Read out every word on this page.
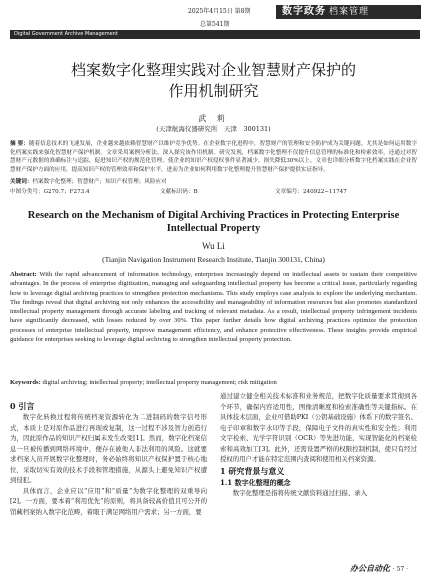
2025年4月15日 第8期	数字政务 档案管理
总第541期
Digital Government Archive Management
档案数字化整理实践对企业智慧财产保护的
作用机制研究
武 莉
(天津航海仪器研究所　天津　300131)
摘 要：随着信息技术的飞速发展，企业越来越依赖智慧财产以维护竞争优势。在企业数字化进程中，智慧财产的管理和安全防护成为关键问题。尤其是如何运用数字化档案实践来强化智慧财产保护机制。文章采用案例分析法，深入探究该作用机制。研究发现，档案数字化整理不仅提升信息管理的标准化和检索效率，还通过对智慧财产元数据的准确标注与追踪，促进知识产权的规范化管理，使企业的知识产权侵权事件显著减少，损失降低30%以上。文章也详细分析数字化档案实践在企业智慧财产保护方面的应用，提高知识产权的管理效率和保护水平，进而为企业如何利用数字化整理提升智慧财产保护提供实证指导。
关键词：档案数字化整理；智慧财产；知识产权管理；风险应对
中图分类号：G270.7；F273.4	文献标识码：B	文章编号：240922−11747
Research on the Mechanism of Digital Archiving Practices in Protecting Enterprise
Intellectual Property
Wu Li
(Tianjin Navigation Instrument Research Institute, Tianjin 300131, China)
Abstract: With the rapid advancement of information technology, enterprises increasingly depend on intellectual assets to sustain their competitive advantages. In the process of enterprise digitization, managing and safeguarding intellectual property has become a critical issue, particularly regarding how to leverage digital archiving practices to strengthen protection mechanisms. This study employs case analysis to explore the underlying mechanism. The findings reveal that digital archiving not only enhances the accessibility and manageability of information resources but also promotes standardized intellectual property management through accurate labeling and tracking of relevant metadata. As a result, intellectual property infringement incidents have significantly decreased, with losses reduced by over 30%. This paper further details how digital archiving practices optimize the protection processes of enterprise intellectual property, improve management efficiency, and enhance protective effectiveness. These insights provide empirical guidance for enterprises seeking to leverage digital archiving to strengthen intellectual property protection.
Keywords: digital archiving; intellectual property; intellectual property management; risk mitigation
0 引言

数字化转换过程将传统档案资源转化为二进制码的数字信号形式，本质上是对原作品进行再现或复制，这一过程不涉及智力创造行为，因此原作品的知识产权归属未发生改变[1]。然而，数字化档案信息一旦被传播到网络环境中，便存在被他人非法利用的风险。这就要求档案人员开展数字化整理时，务必始终将知识产权保护置于核心地位，采取切实有效的技术手段和管理措施，从源头上避免知识产权遭到侵犯。

具体而言，企业应以“应用”和“质量”为数字化整理的双重导向[2]。一方面，要本着“利用优先”的原则，将具备较高价值且可公开的馆藏档案纳入数字化范畴，着眼于满足网络用户需求；另一方面，要

通过建立健全相关技术标准和业务规范，把数字化质量要求贯彻到各个环节，确保内容适用性、图像清晰度和检索准确性等关键指标。在具体技术层面，企业可借助PKI（公钥基础设施）体系下的数字签名、电子印章和数字水印等手段，保障电子文件的真实性和安全性；利用文字检索、光学字符识别（OCR）等先进功能，实现智能化的档案检索和高效加工[3]。此外，还需设置严格的权限控制机制，使只有经过授权的用户才能在特定范围内查阅和使用相关档案资源。

1 研究背景与意义
1.1 数字化整理的概念

数字化整理是指将传统文献资料通过扫描、录入

办公自动化 · 57 ·
